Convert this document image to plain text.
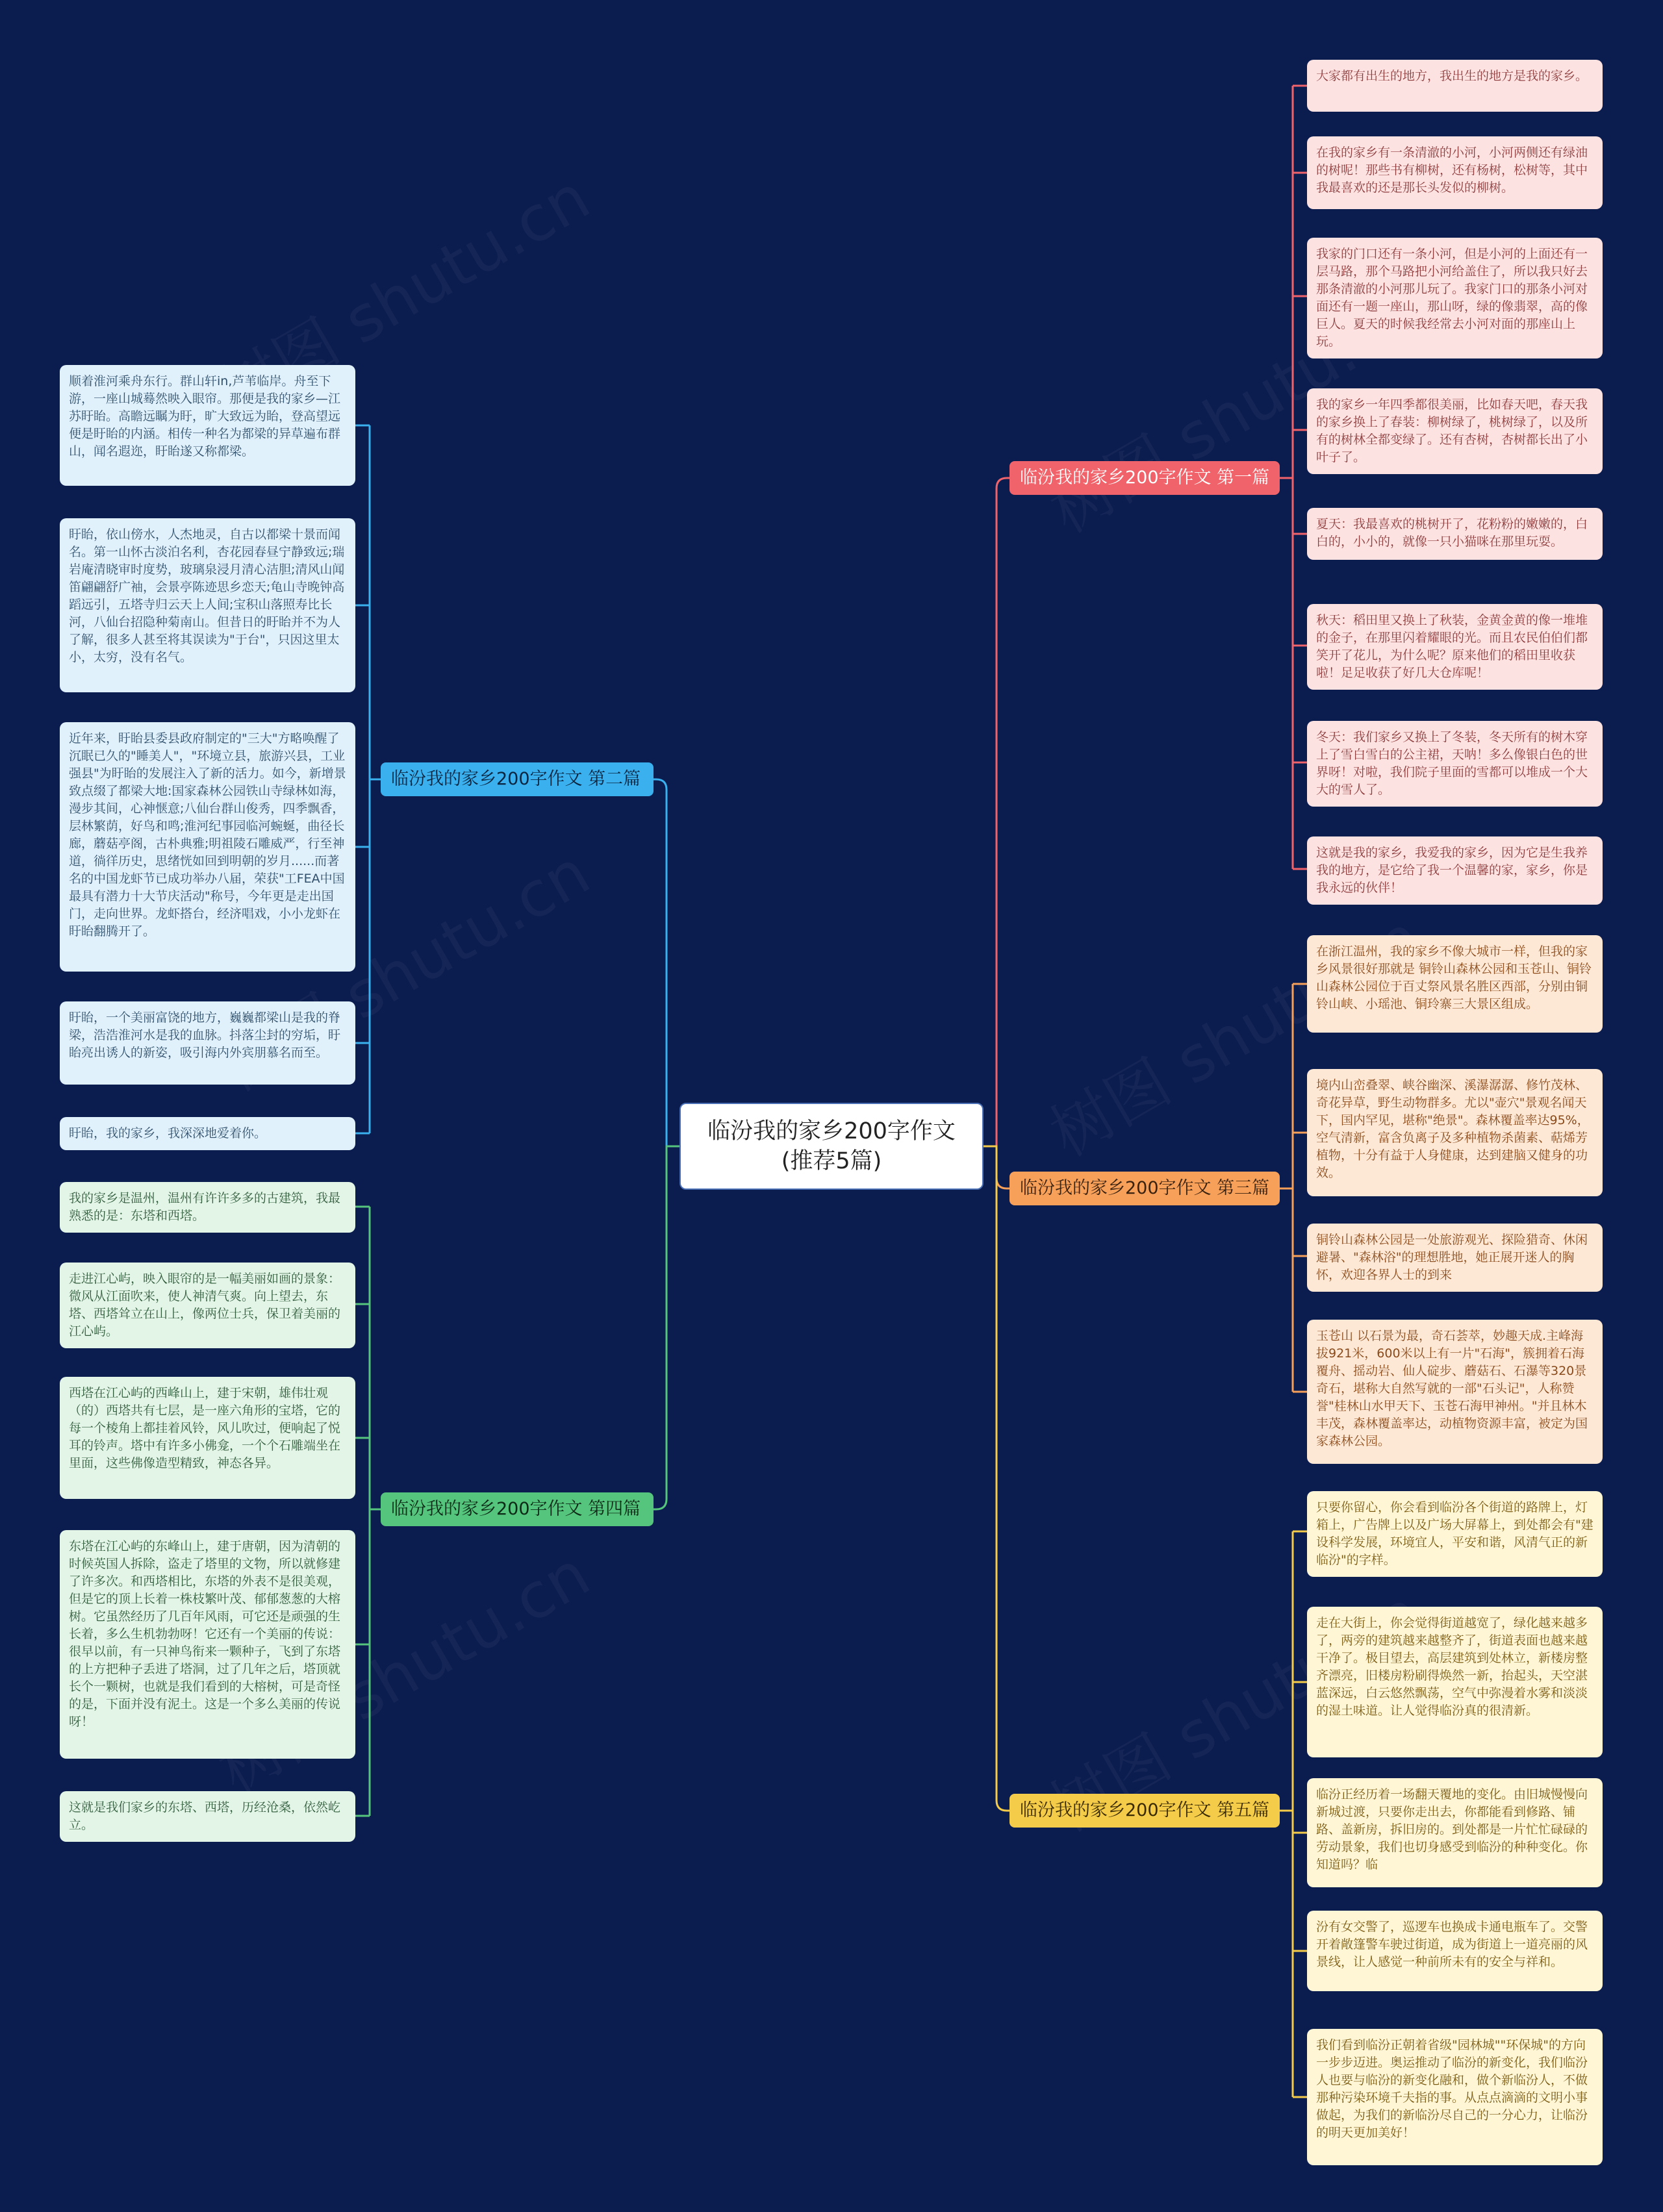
临汾我的家乡200字作文(推荐5篇)
临汾我的家乡200字作文 第一篇
大家都有出生的地方，我出生的地方是我的家乡。
在我的家乡有一条清澈的小河，小河两侧还有绿油的树呢！那些书有柳树，还有杨树，松树等，其中我最喜欢的还是那长头发似的柳树。
我家的门口还有一条小河，但是小河的上面还有一层马路，那个马路把小河给盖住了，所以我只好去那条清澈的小河那儿玩了。我家门口的那条小河对面还有一题一座山，那山呀，绿的像翡翠，高的像巨人。夏天的时候我经常去小河对面的那座山上玩。
我的家乡一年四季都很美丽，比如春天吧，春天我的家乡换上了春装：柳树绿了，桃树绿了，以及所有的树林全都变绿了。还有杏树，杏树都长出了小叶子了。
夏天：我最喜欢的桃树开了，花粉粉的嫩嫩的，白白的，小小的，就像一只小猫咪在那里玩耍。
秋天：稻田里又换上了秋装，金黄金黄的像一堆堆的金子，在那里闪着耀眼的光。而且农民伯伯们都笑开了花儿，为什么呢？原来他们的稻田里收获啦！足足收获了好几大仓库呢！
冬天：我们家乡又换上了冬装，冬天所有的树木穿上了雪白雪白的公主裙，天呐！多么像银白色的世界呀！对啦，我们院子里面的雪都可以堆成一个大大的雪人了。
这就是我的家乡，我爱我的家乡，因为它是生我养我的地方，是它给了我一个温馨的家，家乡，你是我永远的伙伴！
临汾我的家乡200字作文 第三篇
在浙江温州，我的家乡不像大城市一样，但我的家乡风景很好那就是 铜铃山森林公园和玉苍山、铜铃山森林公园位于百丈祭风景名胜区西部，分别由铜铃山峡、小瑶池、铜玲寨三大景区组成。
境内山峦叠翠、峡谷幽深、溪瀑潺潺、修竹茂林、奇花异草，野生动物群多。尤以"壶穴"景观名闻天下，国内罕见，堪称"绝景"。森林覆盖率达95%，空气清新，富含负离子及多种植物杀菌素、萜烯芳植物，十分有益于人身健康，达到建脑又健身的功效。
铜铃山森林公园是一处旅游观光、探险猎奇、休闲避暑、"森林浴"的理想胜地，她正展开迷人的胸怀，欢迎各界人士的到来
玉苍山 以石景为最，奇石荟萃，妙趣天成.主峰海拔921米，600米以上有一片"石海"，簇拥着石海覆舟、摇动岩、仙人碇步、蘑菇石、石瀑等320景奇石，堪称大自然写就的一部"石头记"，人称赞誉"桂林山水甲天下、玉苍石海甲神州。"并且林木丰茂，森林覆盖率达，动植物资源丰富，被定为国家森林公园。
临汾我的家乡200字作文 第五篇
只要你留心，你会看到临汾各个街道的路牌上，灯箱上，广告牌上以及广场大屏幕上，到处都会有"建设科学发展，环境宜人，平安和谐，风清气正的新临汾"的字样。
走在大街上，你会觉得街道越宽了，绿化越来越多了，两旁的建筑越来越整齐了，街道表面也越来越干净了。极目望去，高层建筑到处林立，新楼房整齐漂亮，旧楼房粉刷得焕然一新，抬起头，天空湛蓝深远，白云悠然飘荡，空气中弥漫着水雾和淡淡的湿土味道。让人觉得临汾真的很清新。
临汾正经历着一场翻天覆地的变化。由旧城慢慢向新城过渡，只要你走出去，你都能看到修路、铺路、盖新房，拆旧房的。到处都是一片忙忙碌碌的劳动景象，我们也切身感受到临汾的种种变化。你知道吗？临
汾有女交警了，巡逻车也换成卡通电瓶车了。交警开着敞篷警车驶过街道，成为街道上一道亮丽的风景线，让人感觉一种前所未有的安全与祥和。
我们看到临汾正朝着省级"园林城""环保城"的方向一步步迈进。奥运推动了临汾的新变化，我们临汾人也要与临汾的新变化融和，做个新临汾人，不做那种污染环境千夫指的事。从点点滴滴的文明小事做起，为我们的新临汾尽自己的一分心力，让临汾的明天更加美好！
临汾我的家乡200字作文 第二篇
顺着淮河乘舟东行。群山轩in,芦苇临岸。舟至下游，一座山城蓦然映入眼帘。那便是我的家乡—江苏盱眙。高瞻远瞩为盱，旷大致远为眙，登高望远便是盱眙的内涵。相传一种名为都梁的异草遍布群山，闻名遐迩，盱眙遂又称都梁。
盱眙，依山傍水，人杰地灵，自古以都梁十景而闻名。第一山怀古淡泊名利，杏花园春昼宁静致远;瑞岩庵清晓审时度势，玻璃泉浸月清心洁胆;清风山闻笛翩翩舒广袖，会景亭陈迹思乡恋天;龟山寺晚钟高蹈远引，五塔寺归云天上人间;宝积山落照寿比长河，八仙台招隐种菊南山。但昔日的盱眙并不为人了解，很多人甚至将其误读为"于台"，只因这里太小，太穷，没有名气。
近年来，盱眙县委县政府制定的"三大"方略唤醒了沉眠已久的"睡美人"，"环境立县，旅游兴县，工业强县"为盱眙的发展注入了新的活力。如今，新增景致点缀了都梁大地:国家森林公园铁山寺绿林如海，漫步其间，心神惬意;八仙台群山俊秀，四季飘香，层林繁荫，好鸟和鸣;淮河纪事园临河蜿蜒，曲径长廊，蘑菇亭阁，古朴典雅;明祖陵石雕威严，行至神道，徜徉历史，思绪恍如回到明朝的岁月......而著名的中国龙虾节已成功举办八届，荣获"工FEA中国最具有潜力十大节庆活动"称号，今年更是走出国门，走向世界。龙虾搭台，经济唱戏，小小龙虾在盱眙翻腾开了。
盱眙，一个美丽富饶的地方，巍巍都梁山是我的脊梁，浩浩淮河水是我的血脉。抖落尘封的穷垢，盱眙亮出诱人的新姿，吸引海内外宾朋慕名而至。
盱眙，我的家乡，我深深地爱着你。
临汾我的家乡200字作文 第四篇
我的家乡是温州，温州有许许多多的古建筑，我最熟悉的是：东塔和西塔。
走进江心屿，映入眼帘的是一幅美丽如画的景象：微风从江面吹来，使人神清气爽。向上望去，东塔、西塔耸立在山上，像两位士兵，保卫着美丽的江心屿。
西塔在江心屿的西峰山上，建于宋朝，雄伟壮观（的）西塔共有七层，是一座六角形的宝塔，它的每一个棱角上都挂着风铃，风儿吹过，便响起了悦耳的铃声。塔中有许多小佛龛，一个个石雕端坐在里面，这些佛像造型精致，神态各异。
东塔在江心屿的东峰山上，建于唐朝，因为清朝的时候英国人拆除，盗走了塔里的文物，所以就修建了许多次。和西塔相比，东塔的外表不是很美观，但是它的顶上长着一株枝繁叶茂、郁郁葱葱的大榕树。它虽然经历了几百年风雨，可它还是顽强的生长着，多么生机勃勃呀！它还有一个美丽的传说：很早以前，有一只神鸟衔来一颗种子，飞到了东塔的上方把种子丢进了塔洞，过了几年之后，塔顶就长个一颗树，也就是我们看到的大榕树，可是奇怪的是，下面并没有泥土。这是一个多么美丽的传说呀！
这就是我们家乡的东塔、西塔，历经沧桑，依然屹立。
